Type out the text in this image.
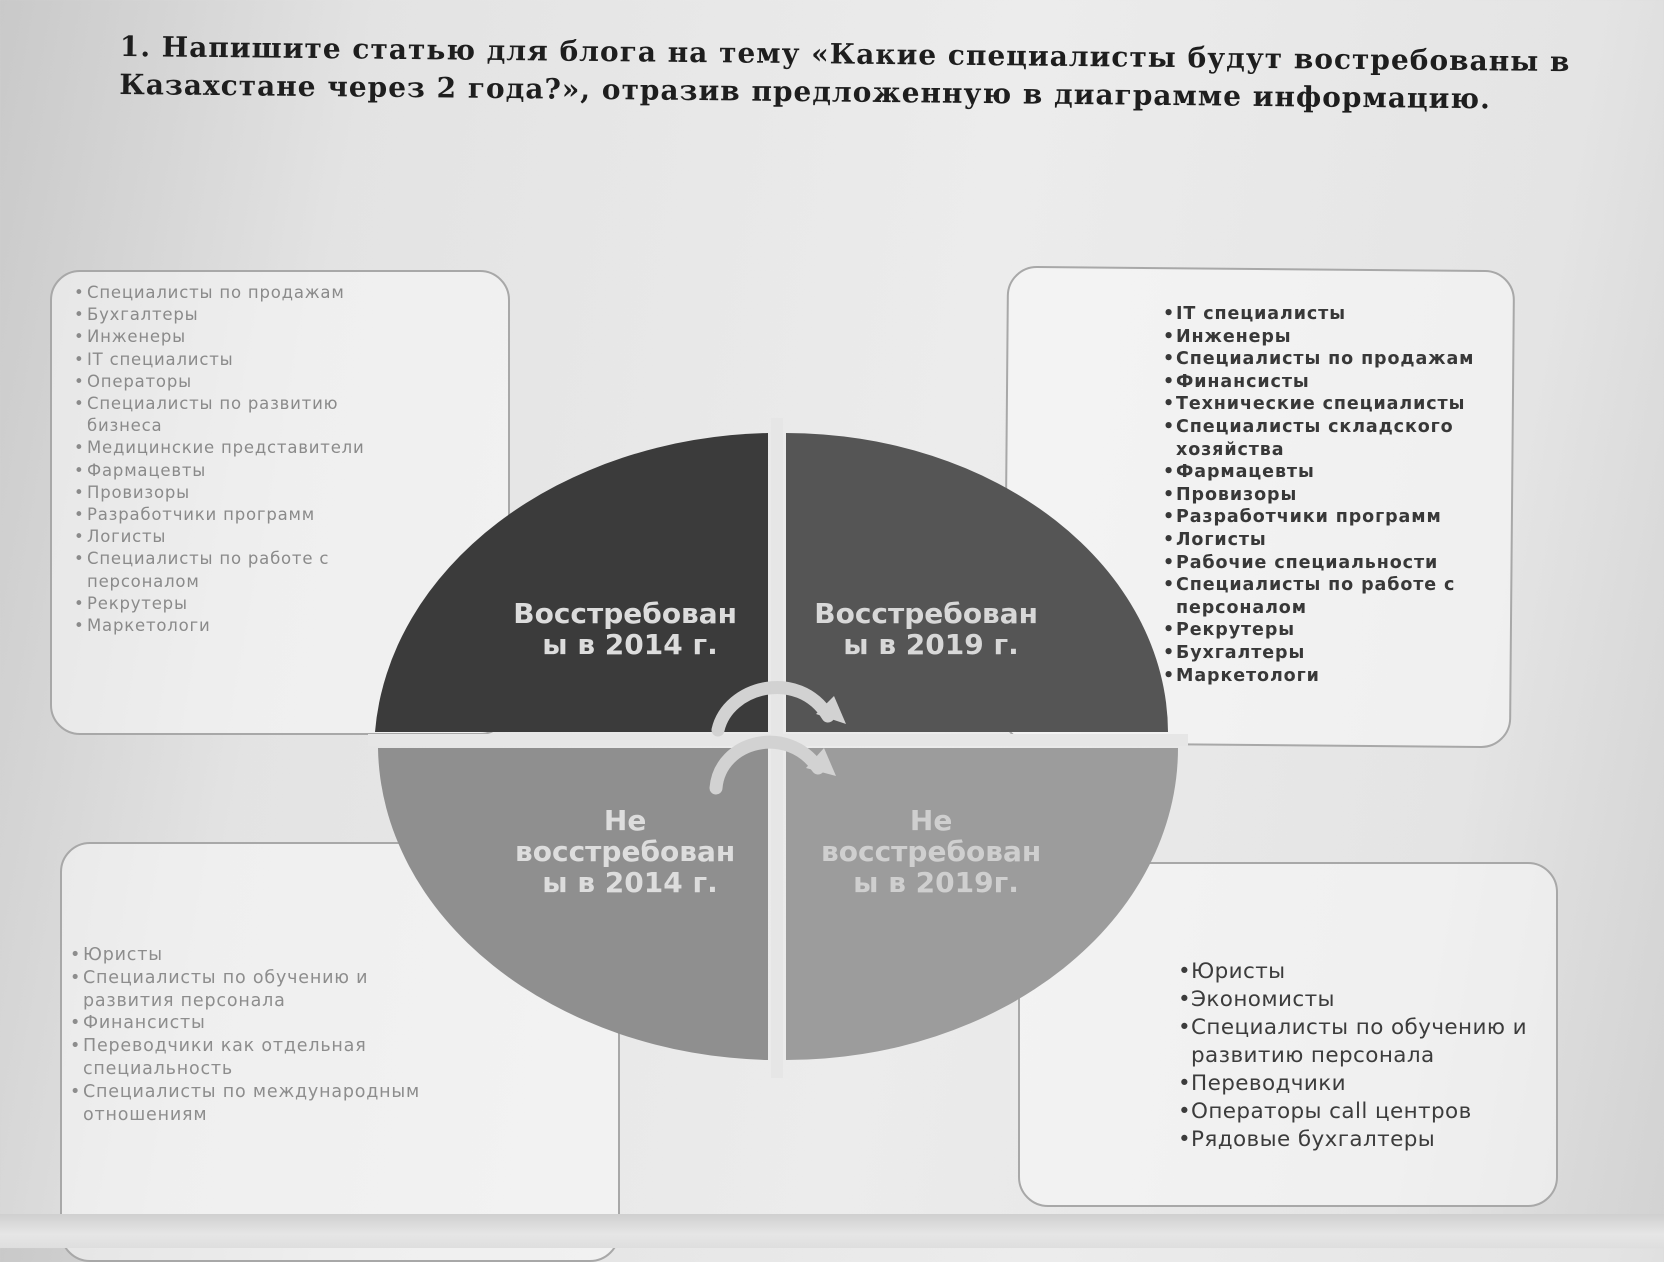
1. Напишите статью для блога на тему «Какие специалисты будут востребованы в
Казахстане через 2 года?», отразив предложенную в диаграмме информацию.
• Специалисты по продажам
• Бухгалтеры
• Инженеры
• IT специалисты
• Операторы
• Специалисты по развитию бизнеса
• Медицинские представители
• Фармацевты
• Провизоры
• Разработчики программ
• Логисты
• Специалисты по работе с персоналом
• Рекрутеры
• Маркетологи
• IT специалисты
• Инженеры
• Специалисты по продажам
• Финансисты
• Технические специалисты
• Специалисты складского хозяйства
• Фармацевты
• Провизоры
• Разработчики программ
• Логисты
• Рабочие специальности
• Специалисты по работе с персоналом
• Рекрутеры
• Бухгалтеры
• Маркетологи
• Юристы
• Специалисты по обучению и развития персонала
• Финансисты
• Переводчики как отдельная специальность
• Специалисты по международным отношениям
• Юристы
• Экономисты
• Специалисты по обучению и развитию персонала
• Переводчики
• Операторы call центров
• Рядовые бухгалтеры
Восстребован ы в 2014 г.
Восстребован ы в 2019 г.
Не восстребован ы в 2014 г.
Не восстребован ы в 2019г.
